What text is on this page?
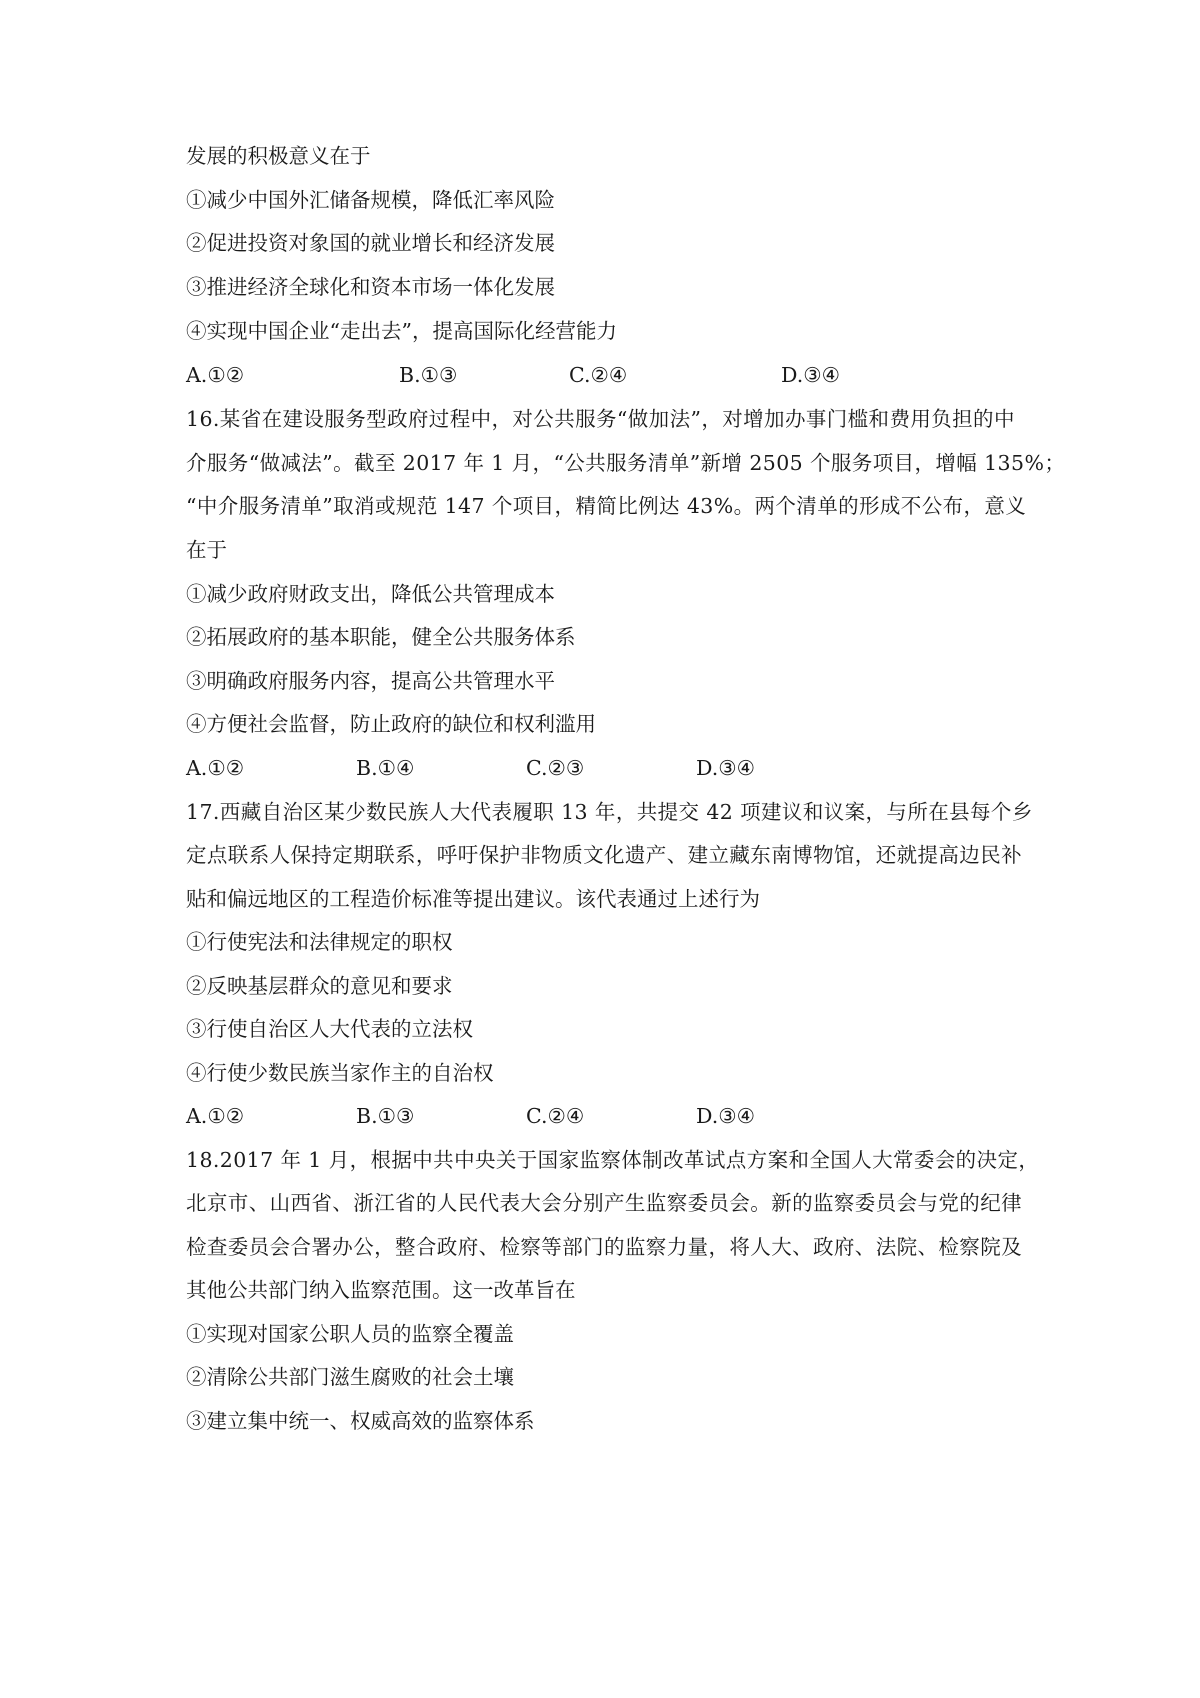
发展的积极意义在于
①减少中国外汇储备规模，降低汇率风险
②促进投资对象国的就业增长和经济发展
③推进经济全球化和资本市场一体化发展
④实现中国企业“走出去”，提高国际化经营能力
A.①②	B.①③	C.②④	D.③④
16.某省在建设服务型政府过程中，对公共服务“做加法”，对增加办事门槛和费用负担的中
介服务“做减法”。截至 2017 年 1 月，“公共服务清单”新增 2505 个服务项目，增幅 135%；
“中介服务清单”取消或规范 147 个项目，精简比例达 43%。两个清单的形成不公布，意义
在于
①减少政府财政支出，降低公共管理成本
②拓展政府的基本职能，健全公共服务体系
③明确政府服务内容，提高公共管理水平
④方便社会监督，防止政府的缺位和权利滥用
A.①②	B.①④	C.②③	D.③④
17.西藏自治区某少数民族人大代表履职 13 年，共提交 42 项建议和议案，与所在县每个乡
定点联系人保持定期联系，呼吁保护非物质文化遗产、建立藏东南博物馆，还就提高边民补
贴和偏远地区的工程造价标准等提出建议。该代表通过上述行为
①行使宪法和法律规定的职权
②反映基层群众的意见和要求
③行使自治区人大代表的立法权
④行使少数民族当家作主的自治权
A.①②	B.①③	C.②④	D.③④
18.2017 年 1 月，根据中共中央关于国家监察体制改革试点方案和全国人大常委会的决定，
北京市、山西省、浙江省的人民代表大会分别产生监察委员会。新的监察委员会与党的纪律
检查委员会合署办公，整合政府、检察等部门的监察力量，将人大、政府、法院、检察院及
其他公共部门纳入监察范围。这一改革旨在
①实现对国家公职人员的监察全覆盖
②清除公共部门滋生腐败的社会土壤
③建立集中统一、权威高效的监察体系
